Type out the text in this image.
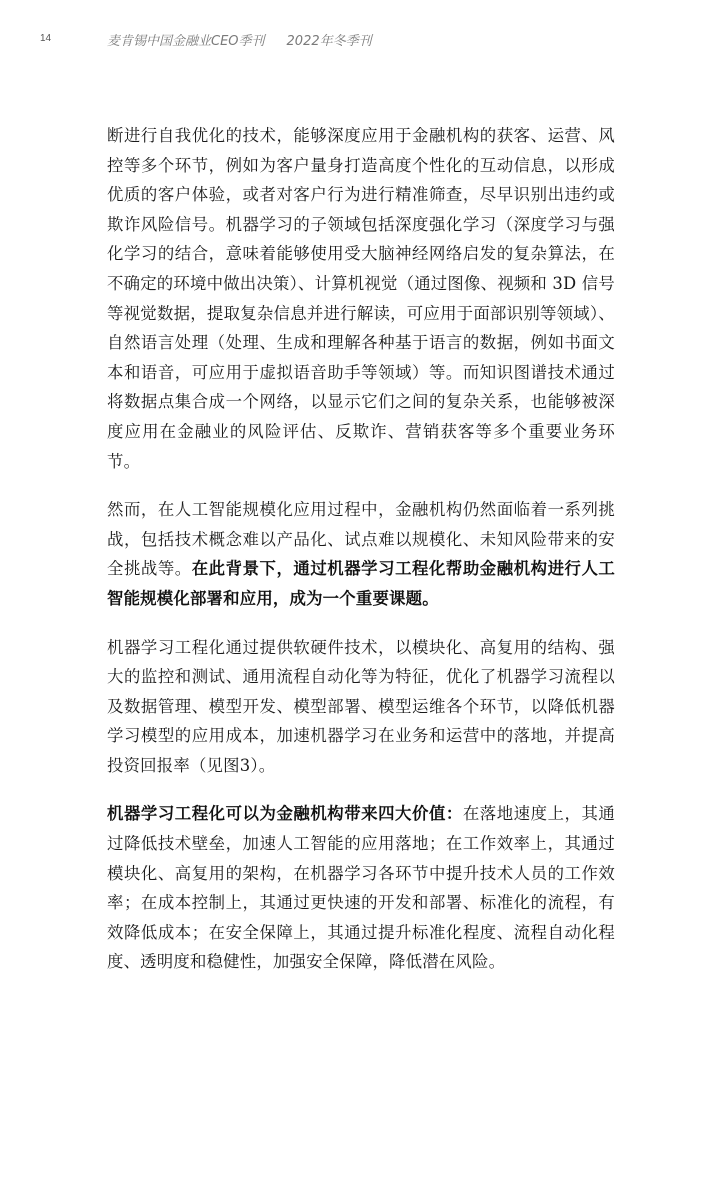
14	麦肯锡中国金融业CEO季刊 2022年冬季刊

断进行自我优化的技术，能够深度应用于金融机构的获客、运营、风控等多个环节，例如为客户量身打造高度个性化的互动信息，以形成优质的客户体验，或者对客户行为进行精准筛查，尽早识别出违约或欺诈风险信号。机器学习的子领域包括深度强化学习（深度学习与强化学习的结合，意味着能够使用受大脑神经网络启发的复杂算法，在不确定的环境中做出决策）、计算机视觉（通过图像、视频和 3D 信号等视觉数据，提取复杂信息并进行解读，可应用于面部识别等领域）、自然语言处理（处理、生成和理解各种基于语言的数据，例如书面文本和语音，可应用于虚拟语音助手等领域）等。而知识图谱技术通过将数据点集合成一个网络，以显示它们之间的复杂关系，也能够被深度应用在金融业的风险评估、反欺诈、营销获客等多个重要业务环节。

然而，在人工智能规模化应用过程中，金融机构仍然面临着一系列挑战，包括技术概念难以产品化、试点难以规模化、未知风险带来的安全挑战等。在此背景下，通过机器学习工程化帮助金融机构进行人工智能规模化部署和应用，成为一个重要课题。

机器学习工程化通过提供软硬件技术，以模块化、高复用的结构、强大的监控和测试、通用流程自动化等为特征，优化了机器学习流程以及数据管理、模型开发、模型部署、模型运维各个环节，以降低机器学习模型的应用成本，加速机器学习在业务和运营中的落地，并提高投资回报率（见图3）。

机器学习工程化可以为金融机构带来四大价值：在落地速度上，其通过降低技术壁垒，加速人工智能的应用落地；在工作效率上，其通过模块化、高复用的架构，在机器学习各环节中提升技术人员的工作效率；在成本控制上，其通过更快速的开发和部署、标准化的流程，有效降低成本；在安全保障上，其通过提升标准化程度、流程自动化程度、透明度和稳健性，加强安全保障，降低潜在风险。
